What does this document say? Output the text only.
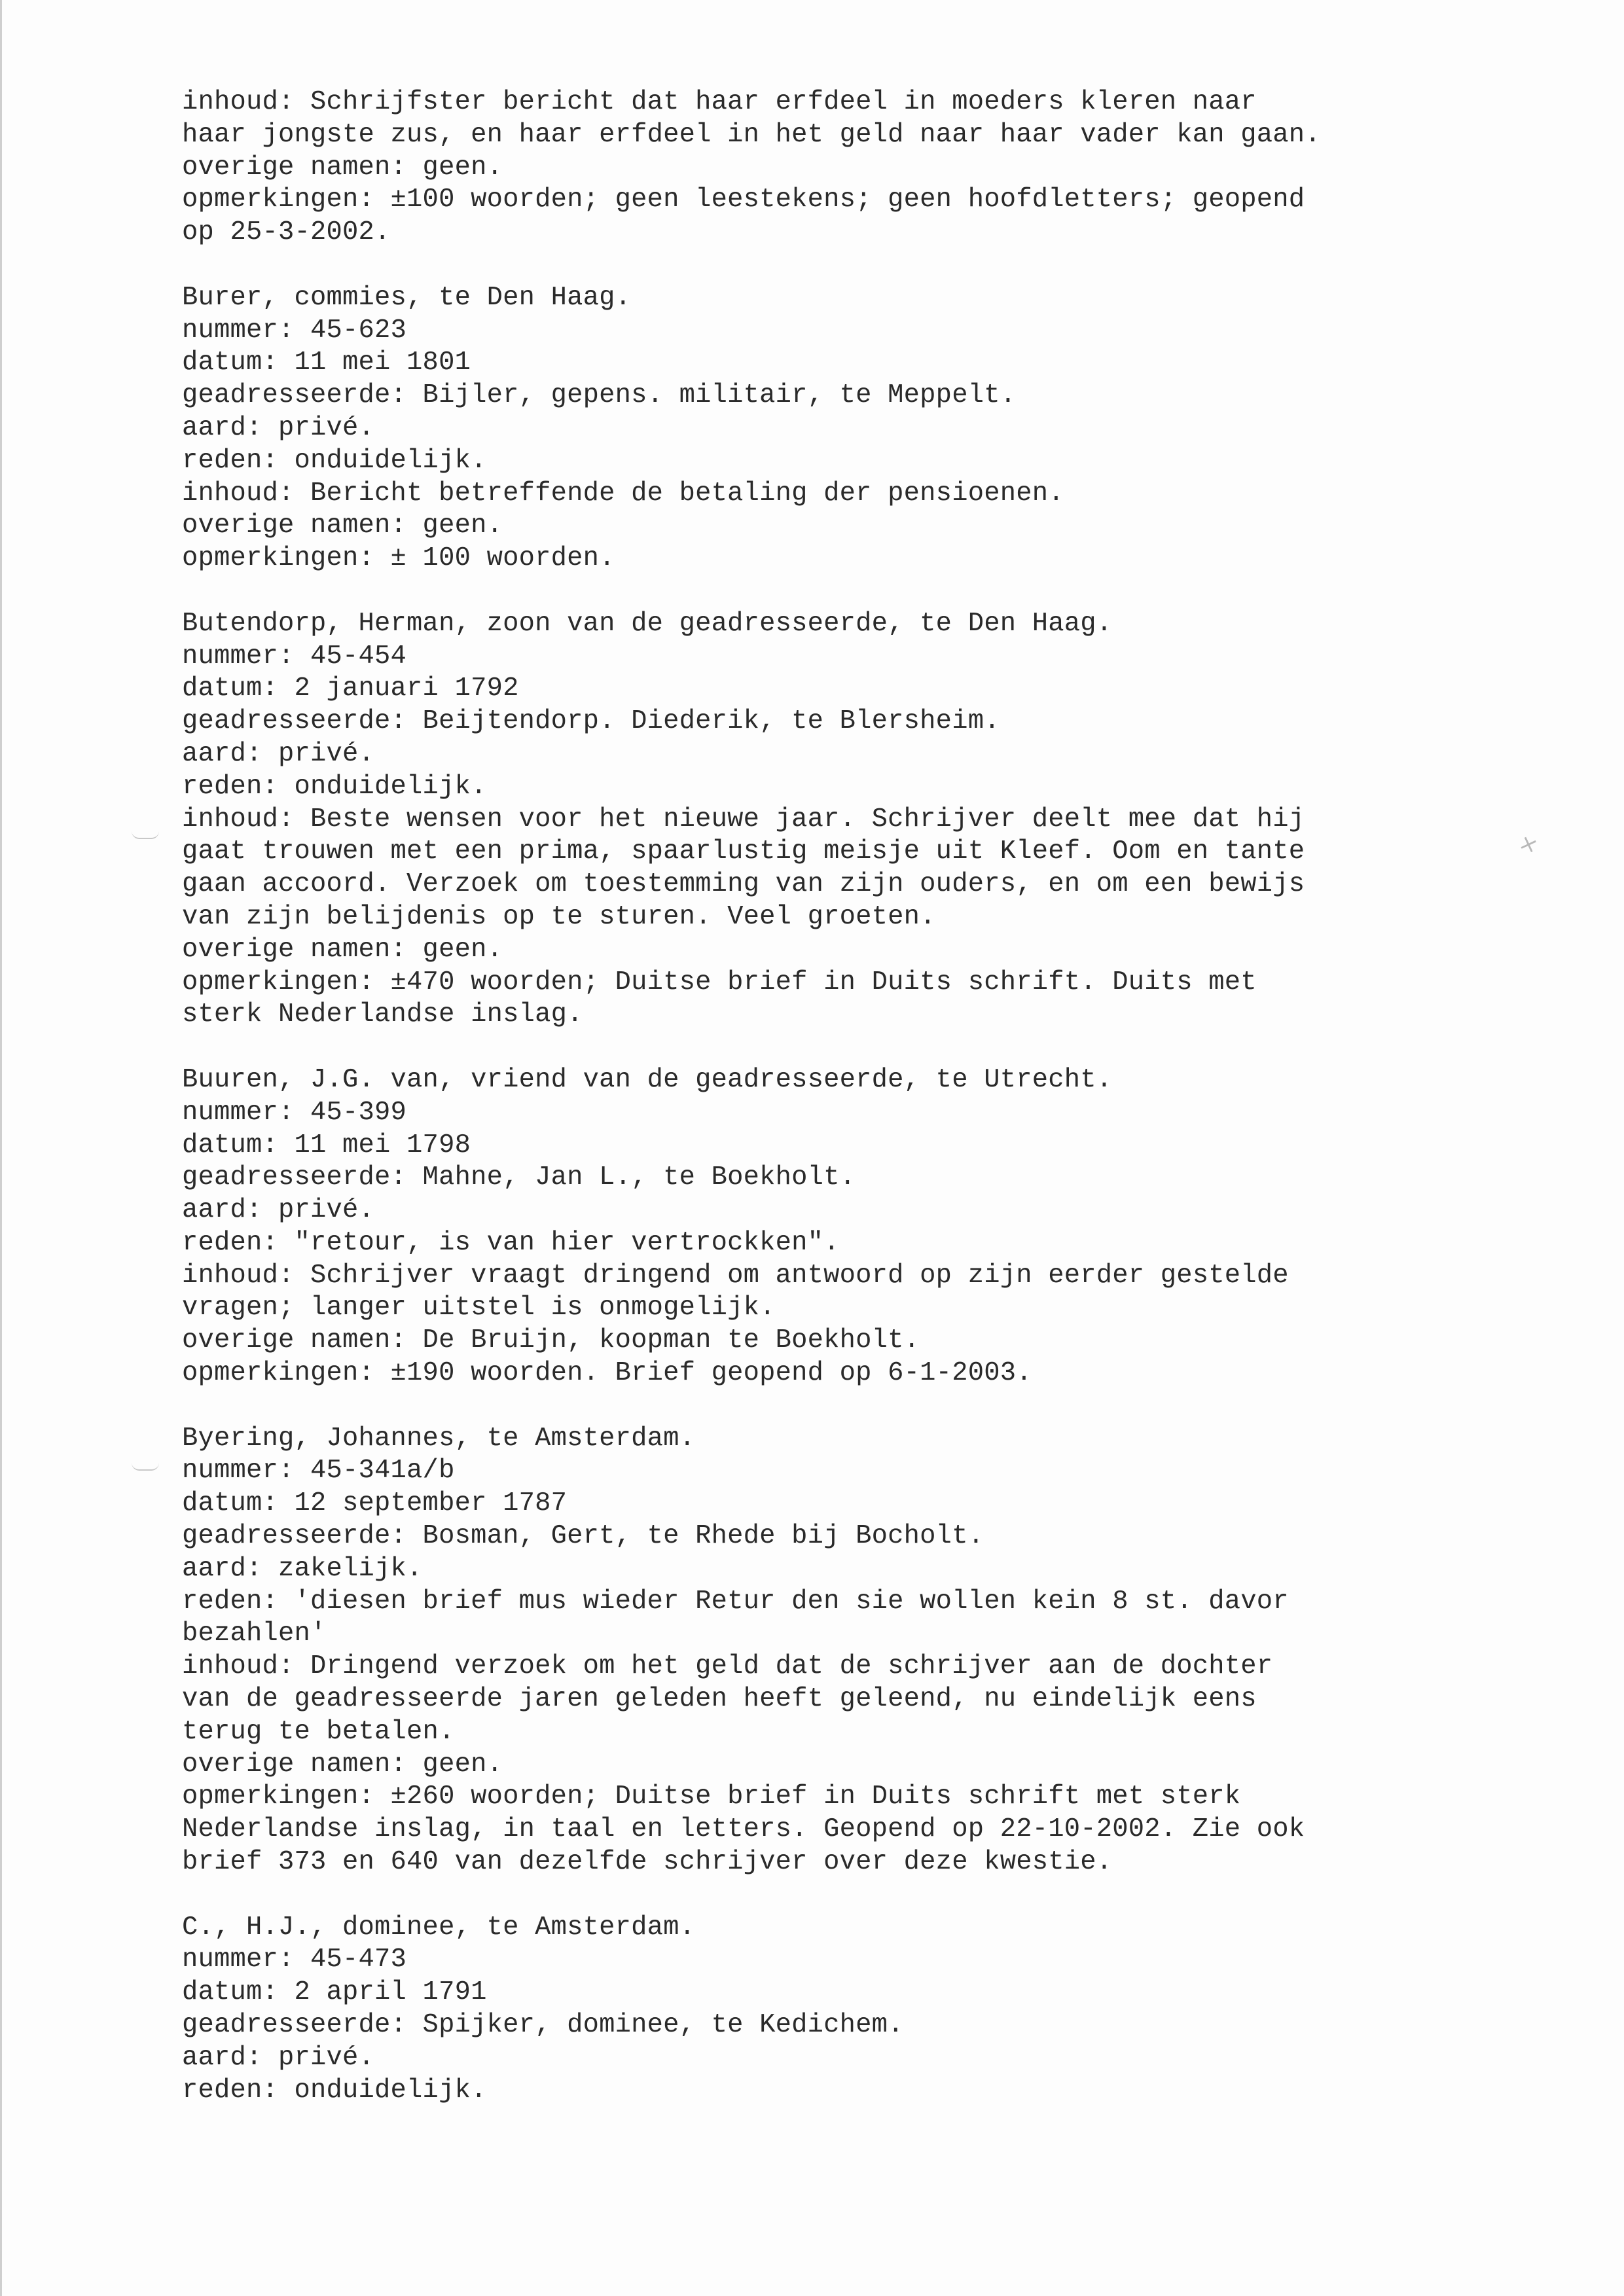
inhoud: Schrijfster bericht dat haar erfdeel in moeders kleren naar
haar jongste zus, en haar erfdeel in het geld naar haar vader kan gaan.
overige namen: geen.
opmerkingen: ±100 woorden; geen leestekens; geen hoofdletters; geopend
op 25-3-2002.
Burer, commies, te Den Haag.
nummer: 45-623
datum: 11 mei 1801
geadresseerde: Bijler, gepens. militair, te Meppelt.
aard: privé.
reden: onduidelijk.
inhoud: Bericht betreffende de betaling der pensioenen.
overige namen: geen.
opmerkingen: ± 100 woorden.
Butendorp, Herman, zoon van de geadresseerde, te Den Haag.
nummer: 45-454
datum: 2 januari 1792
geadresseerde: Beijtendorp. Diederik, te Blersheim.
aard: privé.
reden: onduidelijk.
inhoud: Beste wensen voor het nieuwe jaar. Schrijver deelt mee dat hij
gaat trouwen met een prima, spaarlustig meisje uit Kleef. Oom en tante
gaan accoord. Verzoek om toestemming van zijn ouders, en om een bewijs
van zijn belijdenis op te sturen. Veel groeten.
overige namen: geen.
opmerkingen: ±470 woorden; Duitse brief in Duits schrift. Duits met
sterk Nederlandse inslag.
Buuren, J.G. van, vriend van de geadresseerde, te Utrecht.
nummer: 45-399
datum: 11 mei 1798
geadresseerde: Mahne, Jan L., te Boekholt.
aard: privé.
reden: "retour, is van hier vertrockken".
inhoud: Schrijver vraagt dringend om antwoord op zijn eerder gestelde
vragen; langer uitstel is onmogelijk.
overige namen: De Bruijn, koopman te Boekholt.
opmerkingen: ±190 woorden. Brief geopend op 6-1-2003.
Byering, Johannes, te Amsterdam.
nummer: 45-341a/b
datum: 12 september 1787
geadresseerde: Bosman, Gert, te Rhede bij Bocholt.
aard: zakelijk.
reden: 'diesen brief mus wieder Retur den sie wollen kein 8 st. davor
bezahlen'
inhoud: Dringend verzoek om het geld dat de schrijver aan de dochter
van de geadresseerde jaren geleden heeft geleend, nu eindelijk eens
terug te betalen.
overige namen: geen.
opmerkingen: ±260 woorden; Duitse brief in Duits schrift met sterk
Nederlandse inslag, in taal en letters. Geopend op 22-10-2002. Zie ook
brief 373 en 640 van dezelfde schrijver over deze kwestie.
C., H.J., dominee, te Amsterdam.
nummer: 45-473
datum: 2 april 1791
geadresseerde: Spijker, dominee, te Kedichem.
aard: privé.
reden: onduidelijk.
×
